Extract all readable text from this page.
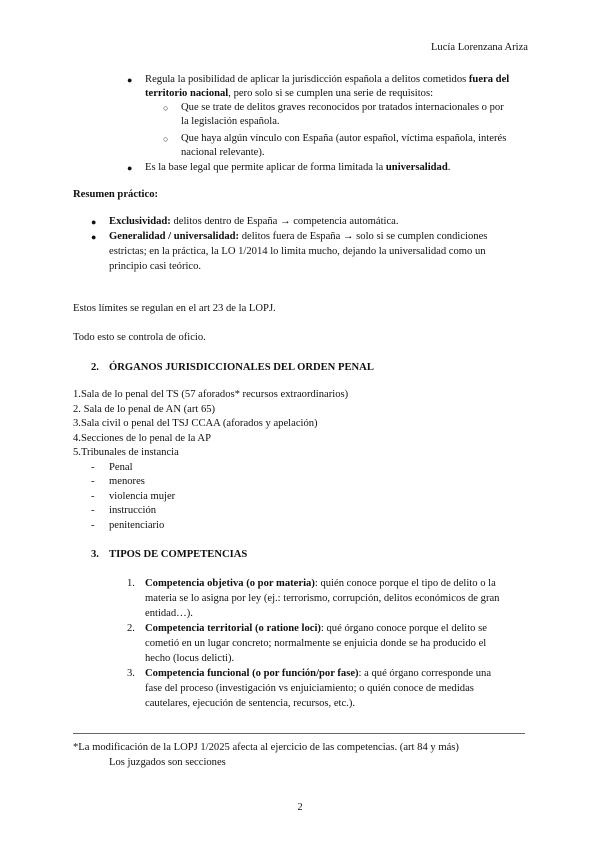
Lucía Lorenzana Ariza
● Regula la posibilidad de aplicar la jurisdicción española a delitos cometidos fuera del
territorio nacional, pero solo si se cumplen una serie de requisitos:
○ Que se trate de delitos graves reconocidos por tratados internacionales o por
la legislación española.
○ Que haya algún vínculo con España (autor español, víctima española, interés
nacional relevante).
● Es la base legal que permite aplicar de forma limitada la universalidad.
Resumen práctico:
● Exclusividad: delitos dentro de España → competencia automática.
● Generalidad / universalidad: delitos fuera de España → solo si se cumplen condiciones
estrictas; en la práctica, la LO 1/2014 lo limita mucho, dejando la universalidad como un
principio casi teórico.
Estos límites se regulan en el art 23 de la LOPJ.
Todo esto se controla de oficio.
2. ÓRGANOS JURISDICCIONALES DEL ORDEN PENAL
1.Sala de lo penal del TS (57 aforados* recursos extraordinarios)
2. Sala de lo penal de AN (art 65)
3.Sala civil o penal del TSJ CCAA (aforados y apelación)
4.Secciones de lo penal de la AP
5.Tribunales de instancia
- Penal
- menores
- violencia mujer
- instrucción
- penitenciario
3. TIPOS DE COMPETENCIAS
1. Competencia objetiva (o por materia): quién conoce porque el tipo de delito o la
materia se lo asigna por ley (ej.: terrorismo, corrupción, delitos económicos de gran
entidad…).
2. Competencia territorial (o ratione loci): qué órgano conoce porque el delito se
cometió en un lugar concreto; normalmente se enjuicia donde se ha producido el
hecho (locus delicti).
3. Competencia funcional (o por función/por fase): a qué órgano corresponde una
fase del proceso (investigación vs enjuiciamiento; o quién conoce de medidas
cautelares, ejecución de sentencia, recursos, etc.).
*La modificación de la LOPJ 1/2025 afecta al ejercicio de las competencias. (art 84 y más)
Los juzgados son secciones
2
